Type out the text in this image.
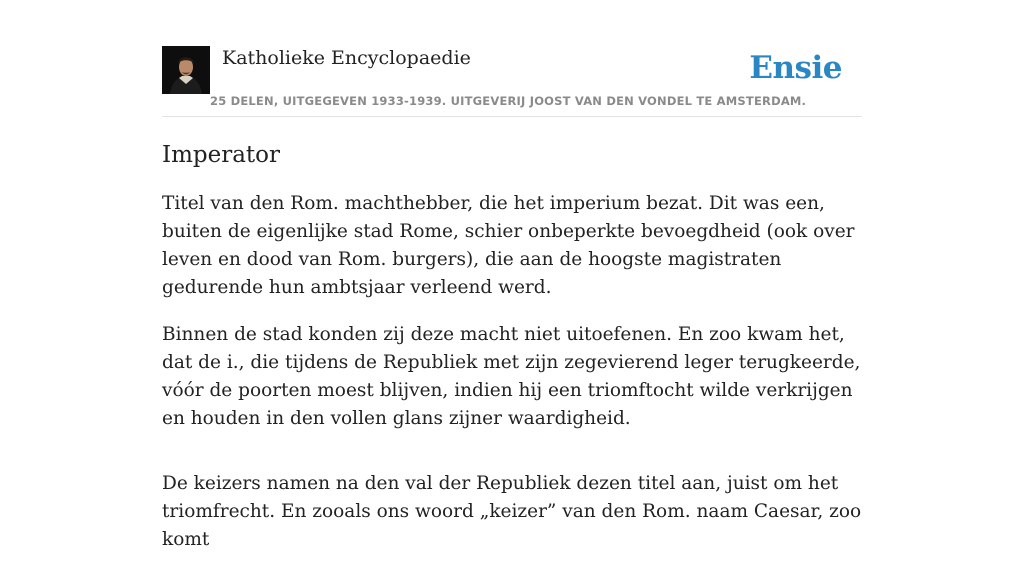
Katholieke Encyclopaedie
25 DELEN, UITGEGEVEN 1933-1939. UITGEVERIJ JOOST VAN DEN VONDEL TE AMSTERDAM.
Ensie
Imperator

Titel van den Rom. machthebber, die het imperium bezat. Dit was een, buiten de eigenlijke stad Rome, schier onbeperkte bevoegdheid (ook over leven en dood van Rom. burgers), die aan de hoogste magistraten gedurende hun ambtsjaar verleend werd.

Binnen de stad konden zij deze macht niet uitoefenen. En zoo kwam het, dat de i., die tijdens de Republiek met zijn zegevierend leger terugkeerde, vóór de poorten moest blijven, indien hij een triomftocht wilde verkrijgen en houden in den vollen glans zijner waardigheid.

De keizers namen na den val der Republiek dezen titel aan, juist om het triomfrecht. En zooals ons woord „keizer” van den Rom. naam Caesar, zoo komt
